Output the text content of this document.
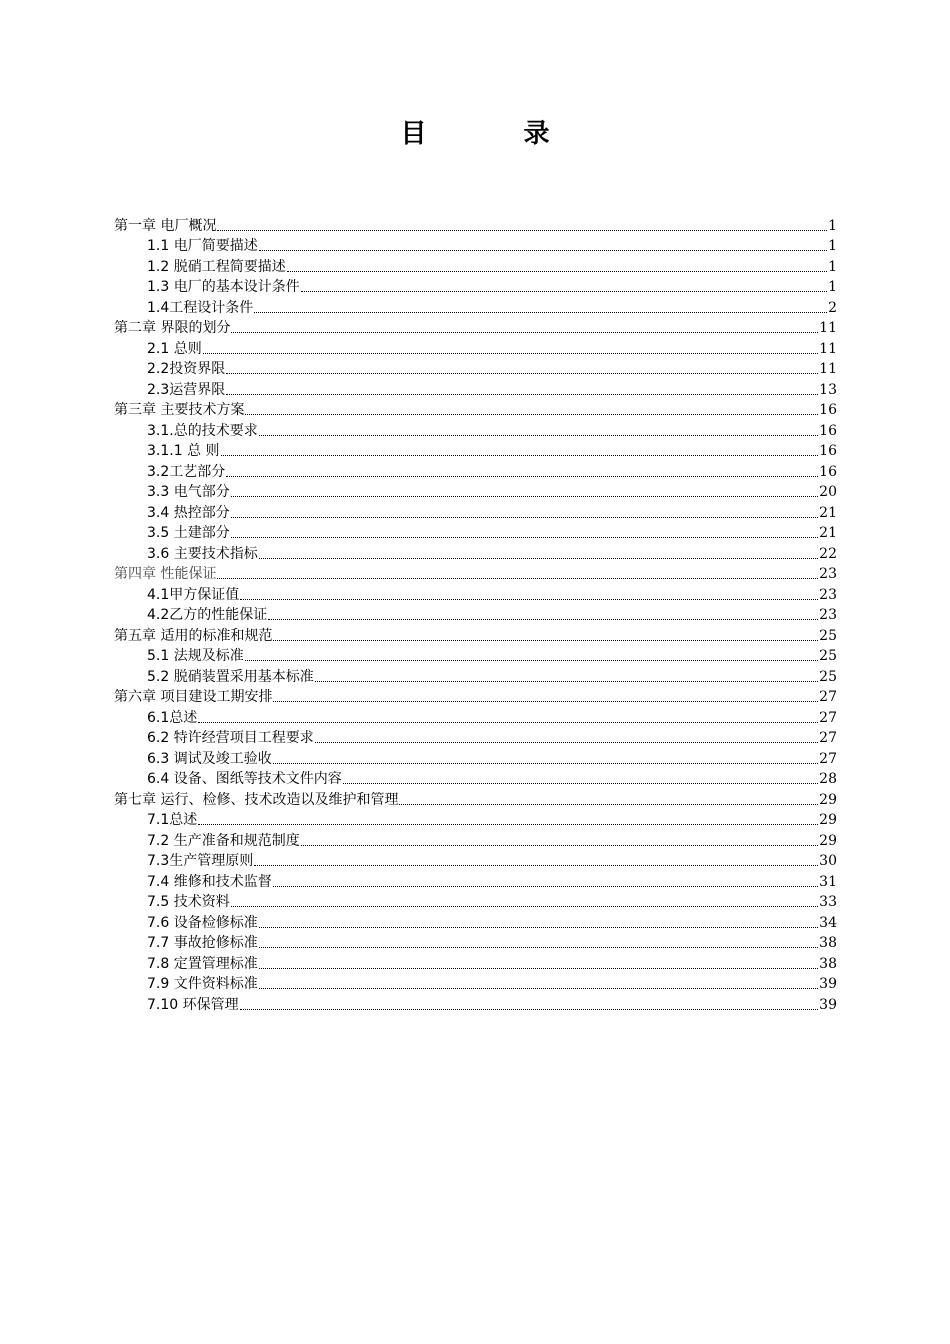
目 录
第一章 电厂概况	1
1.1 电厂简要描述	1
1.2 脱硝工程简要描述	1
1.3 电厂的基本设计条件	1
1.4工程设计条件	2
第二章 界限的划分	11
2.1 总则	11
2.2投资界限	11
2.3运营界限	13
第三章 主要技术方案	16
3.1.总的技术要求	16
3.1.1 总 则	16
3.2工艺部分	16
3.3 电气部分	20
3.4 热控部分	21
3.5 土建部分	21
3.6 主要技术指标	22
第四章 性能保证	23
4.1甲方保证值	23
4.2乙方的性能保证	23
第五章 适用的标准和规范	25
5.1 法规及标准	25
5.2 脱硝装置采用基本标准	25
第六章 项目建设工期安排	27
6.1总述	27
6.2 特许经营项目工程要求	27
6.3 调试及竣工验收	27
6.4 设备、图纸等技术文件内容	28
第七章 运行、检修、技术改造以及维护和管理	29
7.1总述	29
7.2 生产准备和规范制度	29
7.3生产管理原则	30
7.4 维修和技术监督	31
7.5 技术资料	33
7.6 设备检修标准	34
7.7 事故抢修标准	38
7.8 定置管理标准	38
7.9 文件资料标准	39
7.10 环保管理	39
